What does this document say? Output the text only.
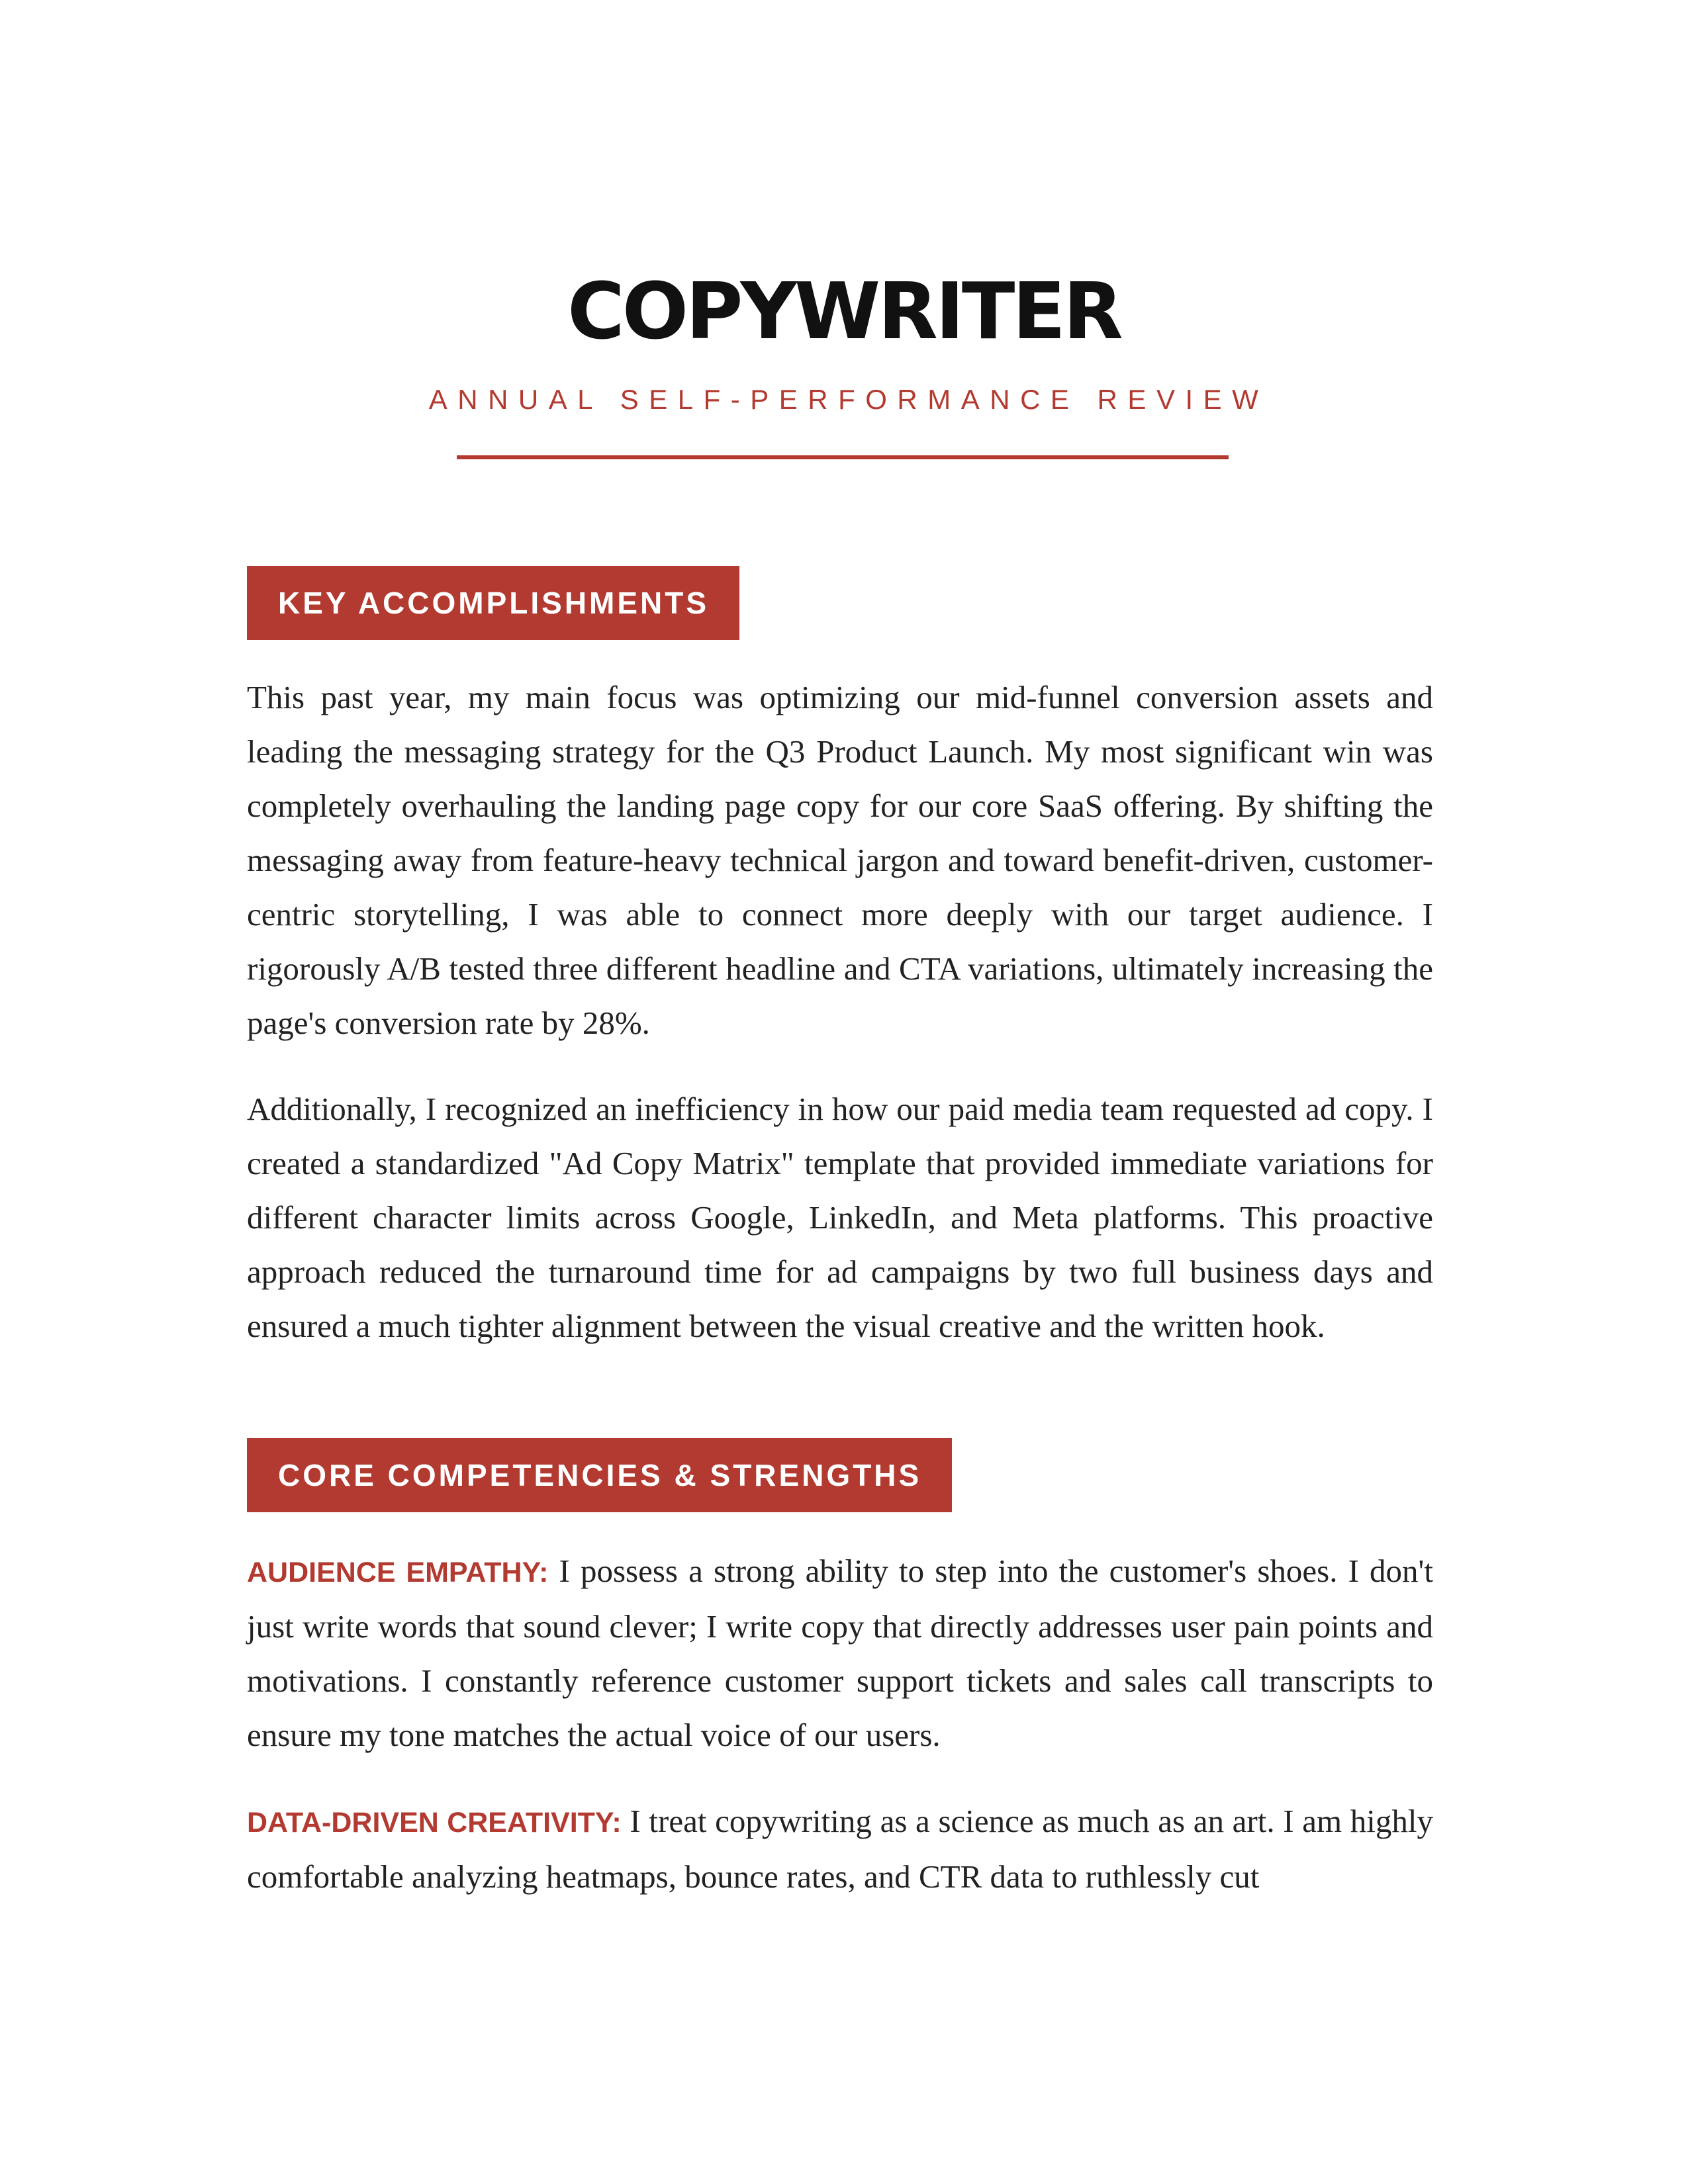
COPYWRITER
ANNUAL SELF-PERFORMANCE REVIEW
KEY ACCOMPLISHMENTS

This past year, my main focus was optimizing our mid-funnel conversion assets and leading the messaging strategy for the Q3 Product Launch. My most significant win was completely overhauling the landing page copy for our core SaaS offering. By shifting the messaging away from feature-heavy technical jargon and toward benefit-driven, customer-centric storytelling, I was able to connect more deeply with our target audience. I rigorously A/B tested three different headline and CTA variations, ultimately increasing the page's conversion rate by 28%.

Additionally, I recognized an inefficiency in how our paid media team requested ad copy. I created a standardized "Ad Copy Matrix" template that provided immediate variations for different character limits across Google, LinkedIn, and Meta platforms. This proactive approach reduced the turnaround time for ad campaigns by two full business days and ensured a much tighter alignment between the visual creative and the written hook.

CORE COMPETENCIES & STRENGTHS

AUDIENCE EMPATHY: I possess a strong ability to step into the customer's shoes. I don't just write words that sound clever; I write copy that directly addresses user pain points and motivations. I constantly reference customer support tickets and sales call transcripts to ensure my tone matches the actual voice of our users.

DATA-DRIVEN CREATIVITY: I treat copywriting as a science as much as an art. I am highly comfortable analyzing heatmaps, bounce rates, and CTR data to ruthlessly cut
